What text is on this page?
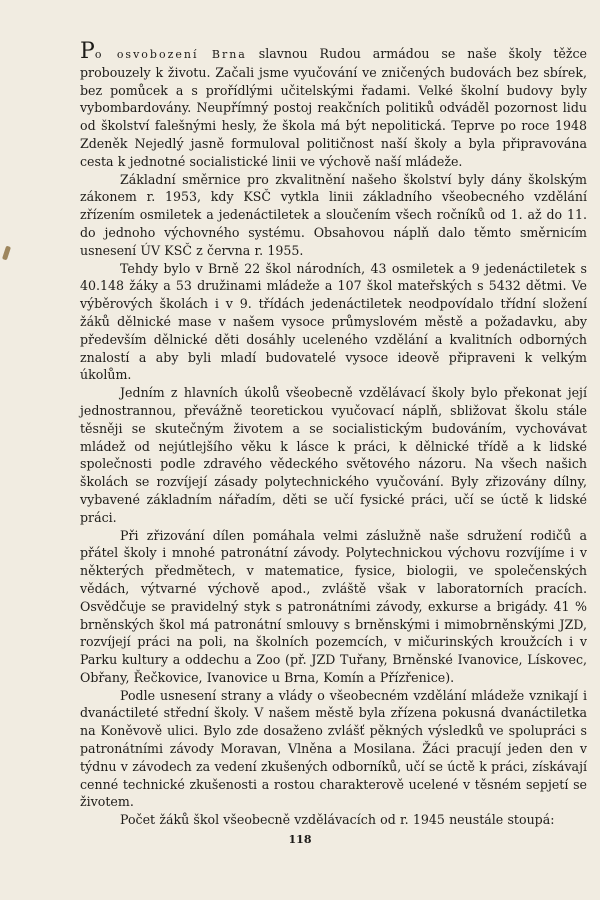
Po osvobození Brna slavnou Rudou armádou se naše školy těžce probouzely k životu. Začali jsme vyučování ve zničených budovách bez sbírek, bez pomůcek a s prořídlými učitelskými řadami. Velké školní budovy byly vybombardovány. Neupřímný postoj reakčních politiků odváděl pozornost lidu od školství falešnými hesly, že škola má být nepolitická. Teprve po roce 1948 Zdeněk Nejedlý jasně formuloval političnost naší školy a byla připravována cesta k jednotné socialistické linii ve výchově naší mládeže.

Základní směrnice pro zkvalitnění našeho školství byly dány školským zákonem r. 1953, kdy KSČ vytkla linii základního všeobecného vzdělání zřízením osmiletek a jedenáctiletek a sloučením všech ročníků od 1. až do 11. do jednoho výchovného systému. Obsahovou náplň dalo těmto směrnicím usnesení ÚV KSČ z června r. 1955.

Tehdy bylo v Brně 22 škol národních, 43 osmiletek a 9 jedenáctiletek s 40.148 žáky a 53 družinami mládeže a 107 škol mateřských s 5432 dětmi. Ve výběrových školách i v 9. třídách jedenáctiletek neodpovídalo třídní složení žáků dělnické mase v našem vysoce průmyslovém městě a požadavku, aby především dělnické děti dosáhly uceleného vzdělání a kvalitních odborných znalostí a aby byli mladí budovatelé vysoce ideově připraveni k velkým úkolům.

Jedním z hlavních úkolů všeobecně vzdělávací školy bylo překonat její jednostrannou, převážně teoretickou vyučovací náplň, sbližovat školu stále těsněji se skutečným životem a se socialistickým budováním, vychovávat mládež od nejútlejšího věku k lásce k práci, k dělnické třídě a k lidské společnosti podle zdravého vědeckého světového názoru. Na všech našich školách se rozvíjejí zásady polytechnického vyučování. Byly zřizovány dílny, vybavené základním nářadím, děti se učí fysické práci, učí se úctě k lidské práci.

Při zřizování dílen pomáhala velmi záslužně naše sdružení rodičů a přátel školy i mnohé patronátní závody. Polytechnickou výchovu rozvíjíme i v některých předmětech, v matematice, fysice, biologii, ve společenských vědách, výtvarné výchově apod., zvláště však v laboratorních pracích. Osvědčuje se pravidelný styk s patronátními závody, exkurse a brigády. 41 % brněnských škol má patronátní smlouvy s brněnskými i mimobrněnskými JZD, rozvíjejí práci na poli, na školních pozemcích, v mičurinských kroužcích i v Parku kultury a oddechu a Zoo (př. JZD Tuřany, Brněnské Ivanovice, Lískovec, Obřany, Řečkovice, Ivanovice u Brna, Komín a Přízřenice).

Podle usnesení strany a vlády o všeobecném vzdělání mládeže vznikají i dvanáctileté střední školy. V našem městě byla zřízena pokusná dvanáctiletka na Koněvově ulici. Bylo zde dosaženo zvlášť pěkných výsledků ve spolupráci s patronátními závody Moravan, Vlněna a Mosilana. Žáci pracují jeden den v týdnu v závodech za vedení zkušených odborníků, učí se úctě k práci, získávají cenné technické zkušenosti a rostou charakterově ucelené v těsném sepjetí se životem.

Počet žáků škol všeobecně vzdělávacích od r. 1945 neustále stoupá:

118
